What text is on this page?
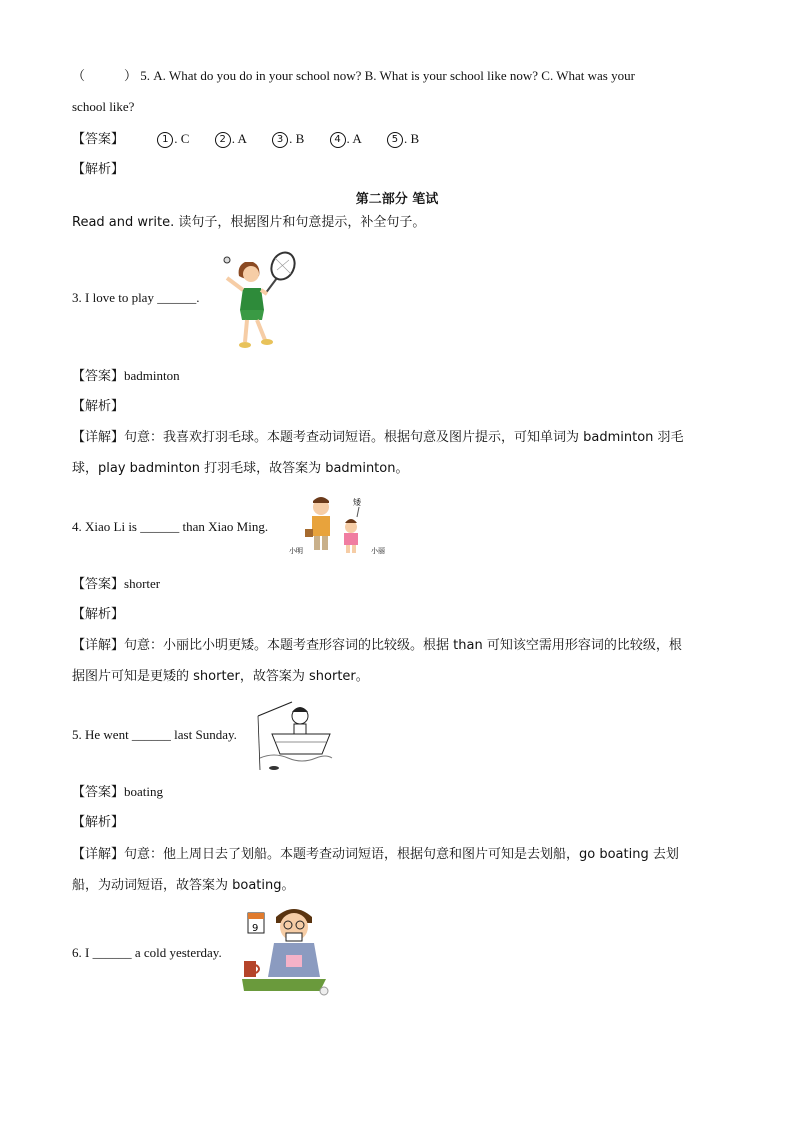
（　　　） 5. A. What do you do in your school now? B. What is your school like now? C. What was your
school like?
【答案】	1 . C	2 . A	3 . B	4 . A	5 . B
【解析】
第二部分 笔试
Read and write. 读句子，根据图片和句意提示，补全句子。
3. I love to play ______.
【答案】badminton
【解析】
【详解】句意：我喜欢打羽毛球。本题考查动词短语。根据句意及图片提示，可知单词为 badminton 羽毛
球，play badminton 打羽毛球，故答案为 badminton。
4. Xiao Li is ______ than Xiao Ming.
矮
小明	小丽
【答案】shorter
【解析】
【详解】句意：小丽比小明更矮。本题考查形容词的比较级。根据 than 可知该空需用形容词的比较级，根
据图片可知是更矮的 shorter，故答案为 shorter。
5. He went ______ last Sunday.
【答案】boating
【解析】
【详解】句意：他上周日去了划船。本题考查动词短语，根据句意和图片可知是去划船，go boating 去划
船，为动词短语，故答案为 boating。
6. I ______ a cold yesterday.
9
